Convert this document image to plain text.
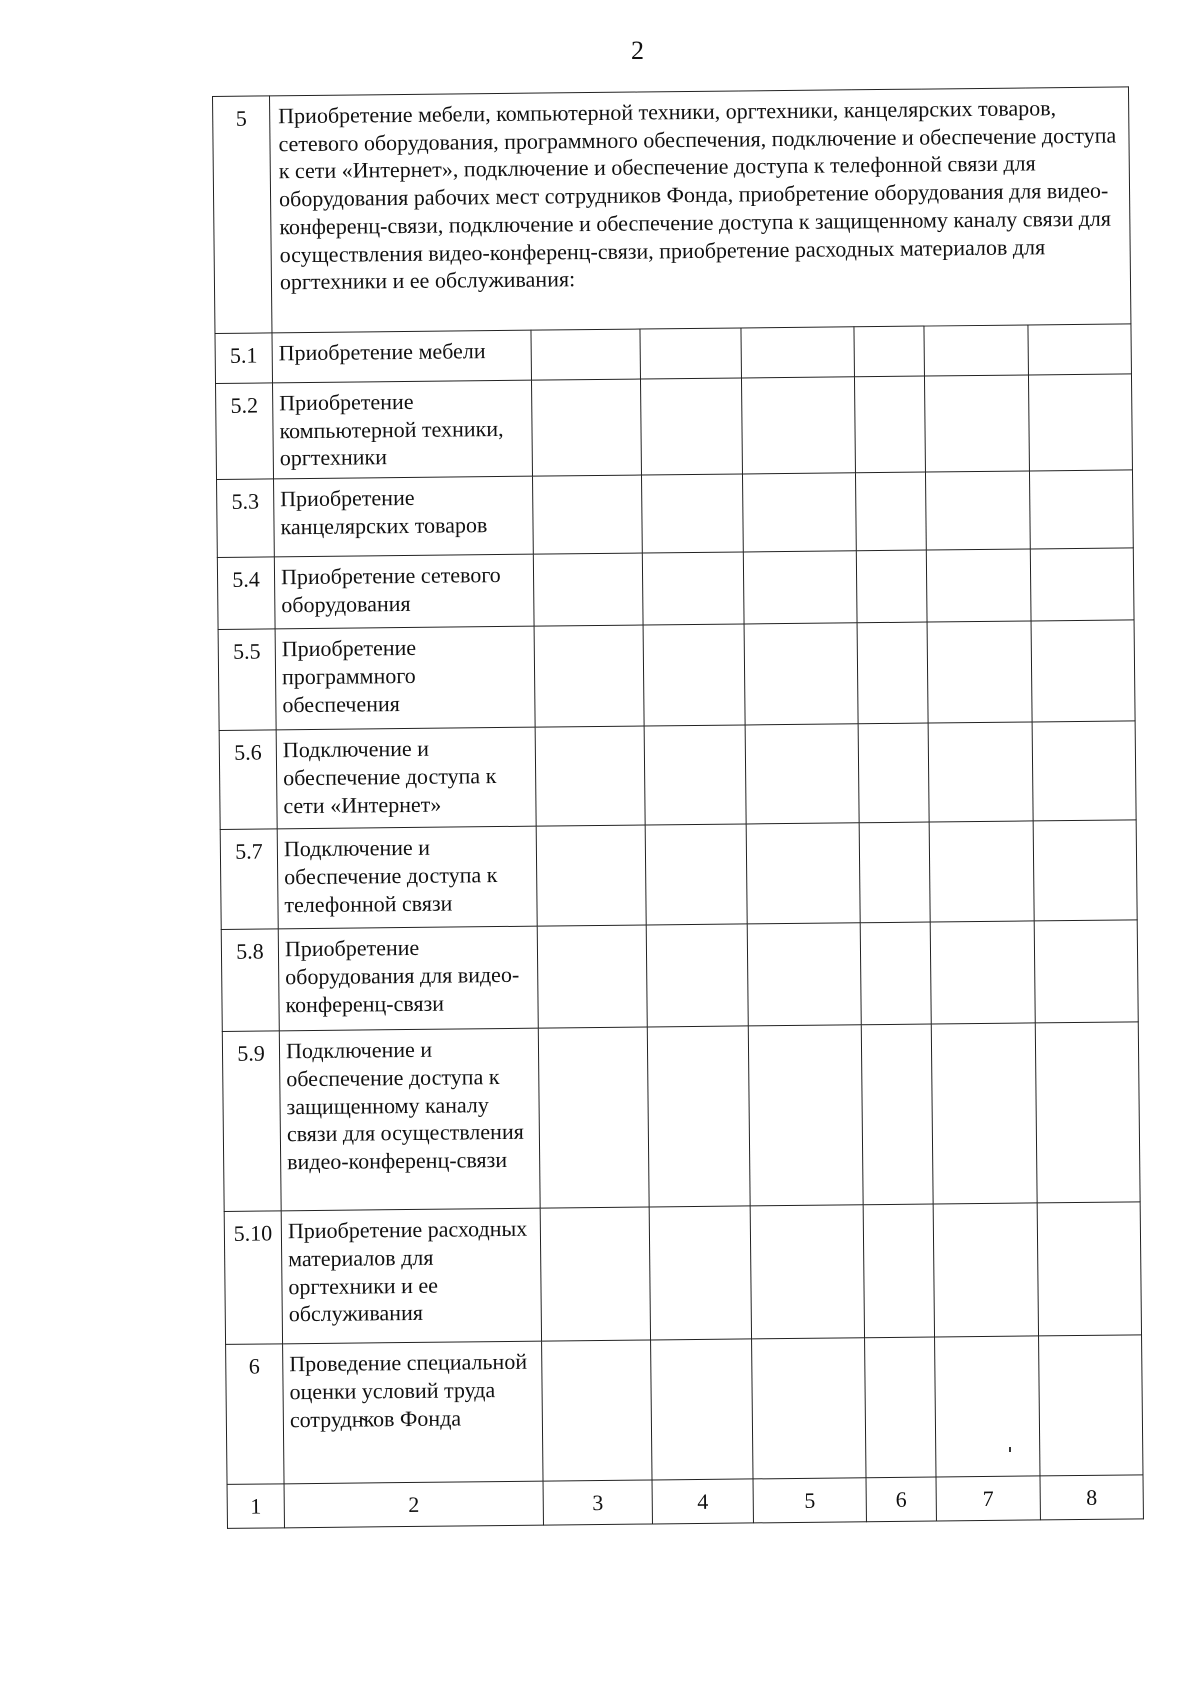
2
5	Приобретение мебели, компьютерной техники, оргтехники, канцелярских товаров, сетевого оборудования, программного обеспечения, подключение и обеспечение доступа к сети «Интернет», подключение и обеспечение доступа к телефонной связи для оборудования рабочих мест сотрудников Фонда, приобретение оборудования для видео-конференц-связи, подключение и обеспечение доступа к защищенному каналу связи для осуществления видео-конференц-связи, приобретение расходных материалов для оргтехники и ее обслуживания:						
5.1	Приобретение мебели						
5.2	Приобретение компьютерной техники, оргтехники						
5.3	Приобретение канцелярских товаров						
5.4	Приобретение сетевого оборудования						
5.5	Приобретение программного обеспечения						
5.6	Подключение и обеспечение доступа к сети «Интернет»						
5.7	Подключение и обеспечение доступа к телефонной связи						
5.8	Приобретение оборудования для видео-конференц-связи						
5.9	Подключение и обеспечение доступа к защищенному каналу связи для осуществления видео-конференц-связи						
5.10	Приобретение расходных материалов для оргтехники и ее обслуживания						
6	Проведение специальной оценки условий труда сотрудн̴ков Фонда						
1	2	3	4	5	6	7	8
